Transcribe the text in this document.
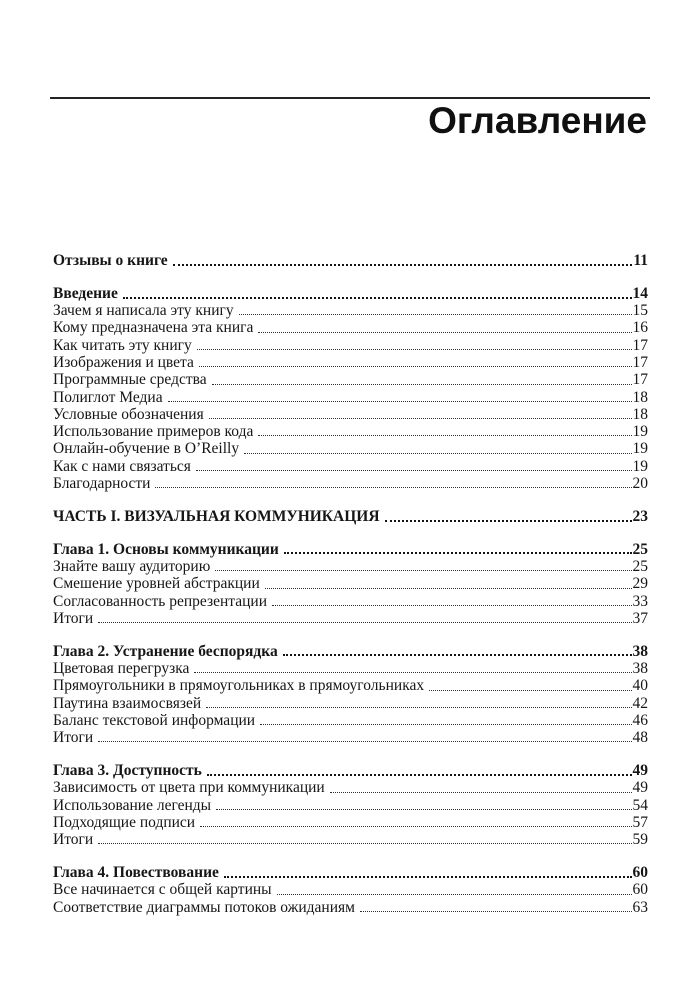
Оглавление
Отзывы о книге	11
Введение	14
Зачем я написала эту книгу	15
Кому предназначена эта книга	16
Как читать эту книгу	17
Изображения и цвета	17
Программные средства	17
Полиглот Медиа	18
Условные обозначения	18
Использование примеров кода	19
Онлайн-обучение в O’Reilly	19
Как с нами связаться	19
Благодарности	20
ЧАСТЬ I. ВИЗУАЛЬНАЯ КОММУНИКАЦИЯ	23
Глава 1. Основы коммуникации	25
Знайте вашу аудиторию	25
Смешение уровней абстракции	29
Согласованность репрезентации	33
Итоги	37
Глава 2. Устранение беспорядка	38
Цветовая перегрузка	38
Прямоугольники в прямоугольниках в прямоугольниках	40
Паутина взаимосвязей	42
Баланс текстовой информации	46
Итоги	48
Глава 3. Доступность	49
Зависимость от цвета при коммуникации	49
Использование легенды	54
Подходящие подписи	57
Итоги	59
Глава 4. Повествование	60
Все начинается с общей картины	60
Соответствие диаграммы потоков ожиданиям	63
